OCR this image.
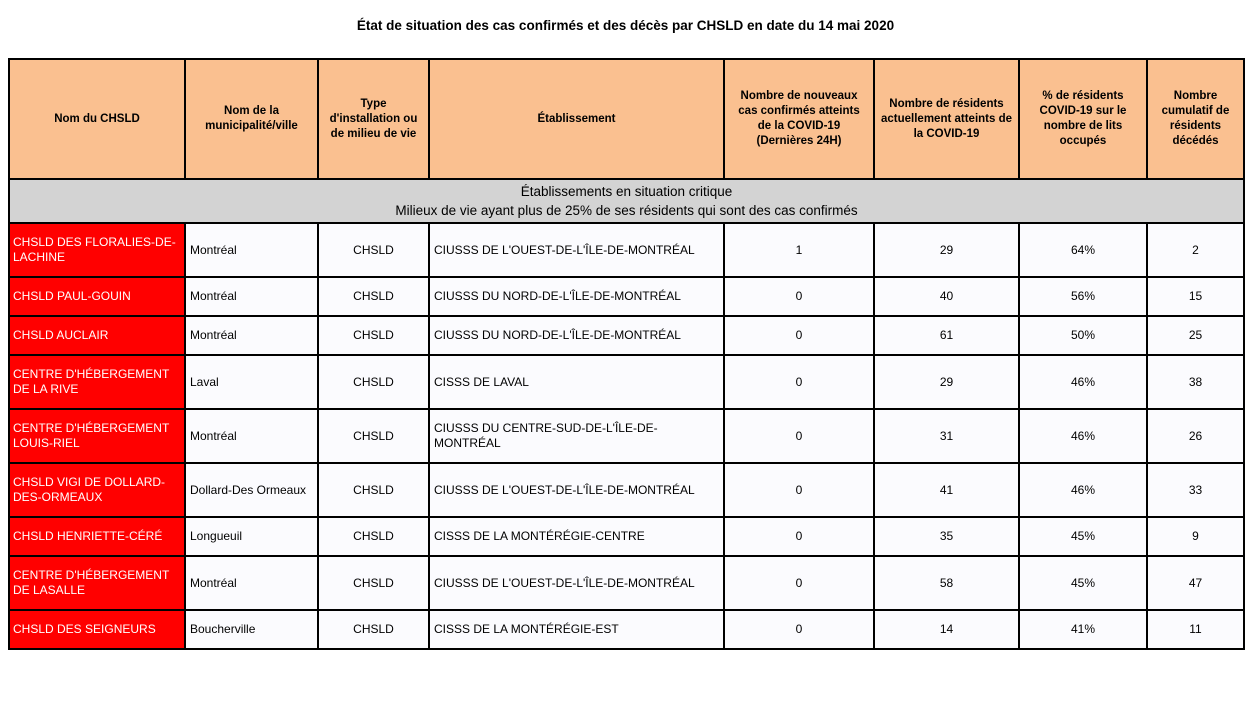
État de situation des cas confirmés et des décès par CHSLD en date du 14 mai 2020
Nom du CHSLD	Nom de la municipalité/ville	Type d'installation ou de milieu de vie	Établissement	Nombre de nouveaux cas confirmés atteints de la COVID-19 (Dernières 24H)	Nombre de résidents actuellement atteints de la COVID-19	% de résidents COVID-19 sur le nombre de lits occupés	Nombre cumulatif de résidents décédés

Établissements en situation critique
Milieux de vie ayant plus de 25% de ses résidents qui sont des cas confirmés							

CHSLD DES FLORALIES-DE-LACHINE	Montréal	CHSLD	CIUSSS DE L'OUEST-DE-L'ÎLE-DE-MONTRÉAL	1	29	64%	2
CHSLD PAUL-GOUIN	Montréal	CHSLD	CIUSSS DU NORD-DE-L'ÎLE-DE-MONTRÉAL	0	40	56%	15
CHSLD AUCLAIR	Montréal	CHSLD	CIUSSS DU NORD-DE-L'ÎLE-DE-MONTRÉAL	0	61	50%	25
CENTRE D'HÉBERGEMENT DE LA RIVE	Laval	CHSLD	CISSS DE LAVAL	0	29	46%	38
CENTRE D'HÉBERGEMENT LOUIS-RIEL	Montréal	CHSLD	CIUSSS DU CENTRE-SUD-DE-L'ÎLE-DE-MONTRÉAL	0	31	46%	26
CHSLD VIGI DE DOLLARD-DES-ORMEAUX	Dollard-Des Ormeaux	CHSLD	CIUSSS DE L'OUEST-DE-L'ÎLE-DE-MONTRÉAL	0	41	46%	33
CHSLD HENRIETTE-CÉRÉ	Longueuil	CHSLD	CISSS DE LA MONTÉRÉGIE-CENTRE	0	35	45%	9
CENTRE D'HÉBERGEMENT DE LASALLE	Montréal	CHSLD	CIUSSS DE L'OUEST-DE-L'ÎLE-DE-MONTRÉAL	0	58	45%	47
CHSLD DES SEIGNEURS	Boucherville	CHSLD	CISSS DE LA MONTÉRÉGIE-EST	0	14	41%	11
